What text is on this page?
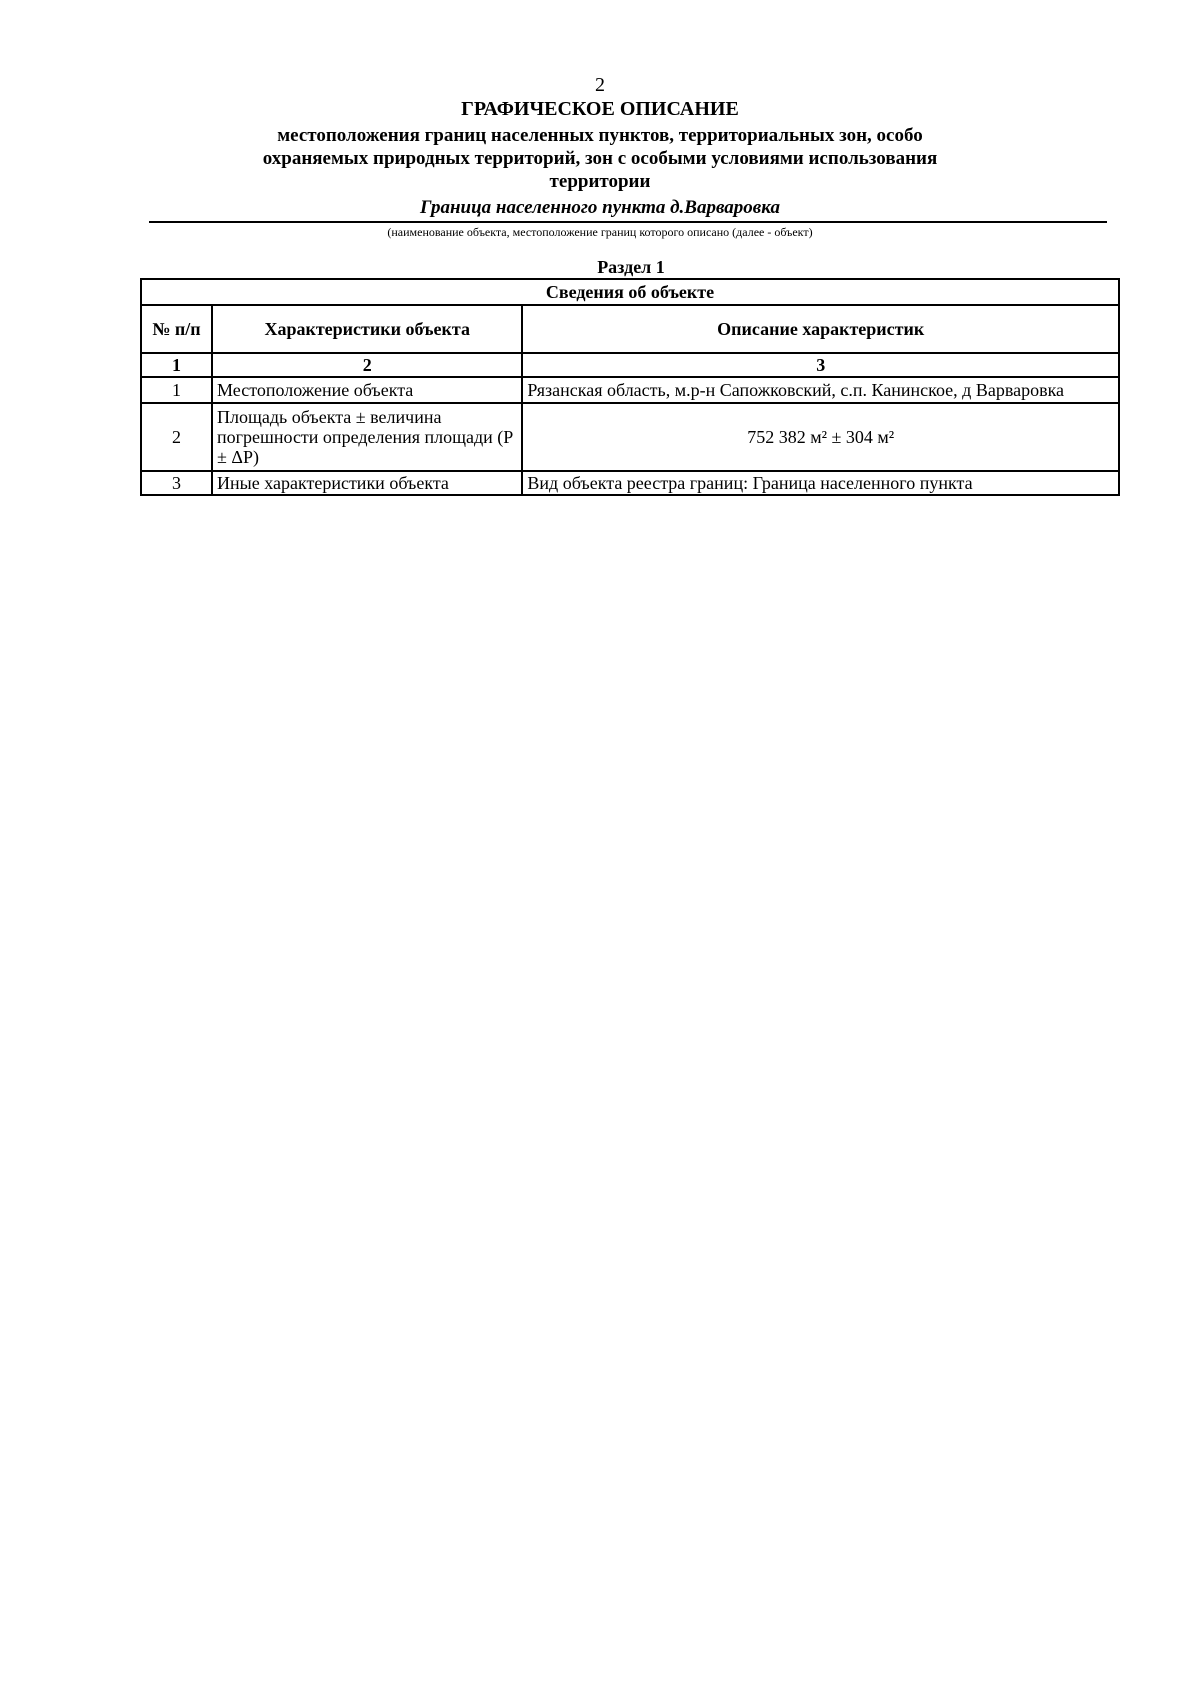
2
ГРАФИЧЕСКОЕ ОПИСАНИЕ
местоположения границ населенных пунктов, территориальных зон, особо охраняемых природных территорий, зон с особыми условиями использования территории
Граница населенного пункта д.Варваровка
(наименование объекта, местоположение границ которого описано (далее - объект)
Раздел 1
Сведения об объекте		
№ п/п	Характеристики объекта	Описание характеристик
1	2	3
1	Местоположение объекта	Рязанская область, м.р-н Сапожковский, с.п. Канинское, д Варваровка
2	Площадь объекта ± величина погрешности определения площади (P ± ΔP)	752 382 м² ± 304 м²
3	Иные характеристики объекта	Вид объекта реестра границ: Граница населенного пункта
